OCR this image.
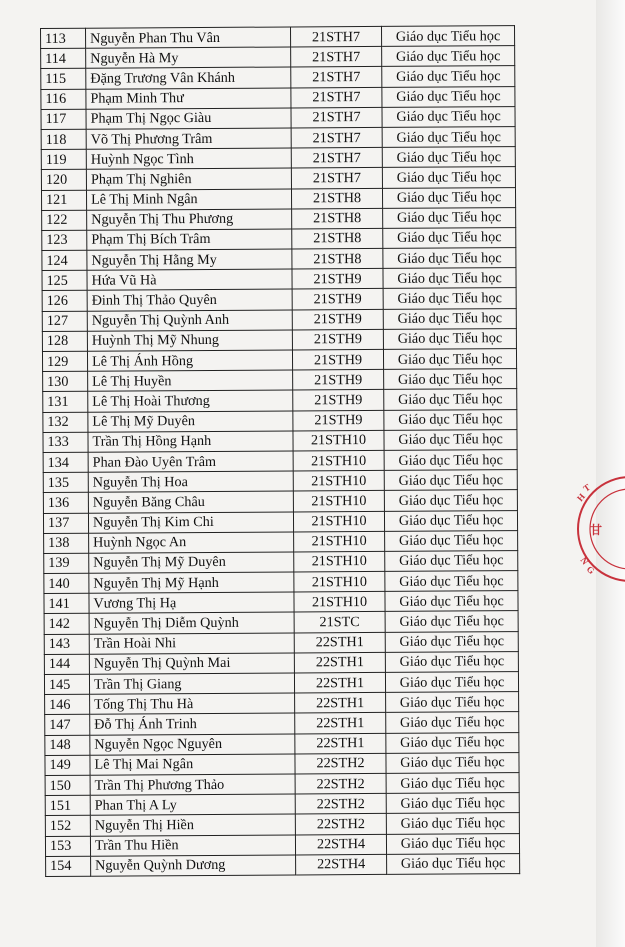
113	Nguyễn Phan Thu Vân	21STH7	Giáo dục Tiểu học
114	Nguyễn Hà My	21STH7	Giáo dục Tiểu học
115	Đặng Trương Vân Khánh	21STH7	Giáo dục Tiểu học
116	Phạm Minh Thư	21STH7	Giáo dục Tiểu học
117	Phạm Thị Ngọc Giàu	21STH7	Giáo dục Tiểu học
118	Võ Thị Phương Trâm	21STH7	Giáo dục Tiểu học
119	Huỳnh Ngọc Tình	21STH7	Giáo dục Tiểu học
120	Phạm Thị Nghiên	21STH7	Giáo dục Tiểu học
121	Lê Thị Minh Ngân	21STH8	Giáo dục Tiểu học
122	Nguyễn Thị Thu Phương	21STH8	Giáo dục Tiểu học
123	Phạm Thị Bích Trâm	21STH8	Giáo dục Tiểu học
124	Nguyễn Thị Hằng My	21STH8	Giáo dục Tiểu học
125	Hứa Vũ Hà	21STH9	Giáo dục Tiểu học
126	Đinh Thị Thảo Quyên	21STH9	Giáo dục Tiểu học
127	Nguyễn Thị Quỳnh Anh	21STH9	Giáo dục Tiểu học
128	Huỳnh Thị Mỹ Nhung	21STH9	Giáo dục Tiểu học
129	Lê Thị Ánh Hồng	21STH9	Giáo dục Tiểu học
130	Lê Thị Huyền	21STH9	Giáo dục Tiểu học
131	Lê Thị Hoài Thương	21STH9	Giáo dục Tiểu học
132	Lê Thị Mỹ Duyên	21STH9	Giáo dục Tiểu học
133	Trần Thị Hồng Hạnh	21STH10	Giáo dục Tiểu học
134	Phan Đào Uyên Trâm	21STH10	Giáo dục Tiểu học
135	Nguyễn Thị Hoa	21STH10	Giáo dục Tiểu học
136	Nguyễn Băng Châu	21STH10	Giáo dục Tiểu học
137	Nguyễn Thị Kim Chi	21STH10	Giáo dục Tiểu học
138	Huỳnh Ngọc An	21STH10	Giáo dục Tiểu học
139	Nguyễn Thị Mỹ Duyên	21STH10	Giáo dục Tiểu học
140	Nguyễn Thị Mỹ Hạnh	21STH10	Giáo dục Tiểu học
141	Vương Thị Hạ	21STH10	Giáo dục Tiểu học
142	Nguyễn Thị Diễm Quỳnh	21STC	Giáo dục Tiểu học
143	Trần Hoài Nhi	22STH1	Giáo dục Tiểu học
144	Nguyễn Thị Quỳnh Mai	22STH1	Giáo dục Tiểu học
145	Trần Thị Giang	22STH1	Giáo dục Tiểu học
146	Tống Thị Thu Hà	22STH1	Giáo dục Tiểu học
147	Đỗ Thị Ánh Trinh	22STH1	Giáo dục Tiểu học
148	Nguyễn Ngọc Nguyên	22STH1	Giáo dục Tiểu học
149	Lê Thị Mai Ngân	22STH2	Giáo dục Tiểu học
150	Trần Thị Phương Thảo	22STH2	Giáo dục Tiểu học
151	Phan Thị A Ly	22STH2	Giáo dục Tiểu học
152	Nguyễn Thị Hiền	22STH2	Giáo dục Tiểu học
153	Trần Thu Hiền	22STH4	Giáo dục Tiểu học
154	Nguyễn Quỳnh Dương	22STH4	Giáo dục Tiểu học
T
H
甘
N
G
